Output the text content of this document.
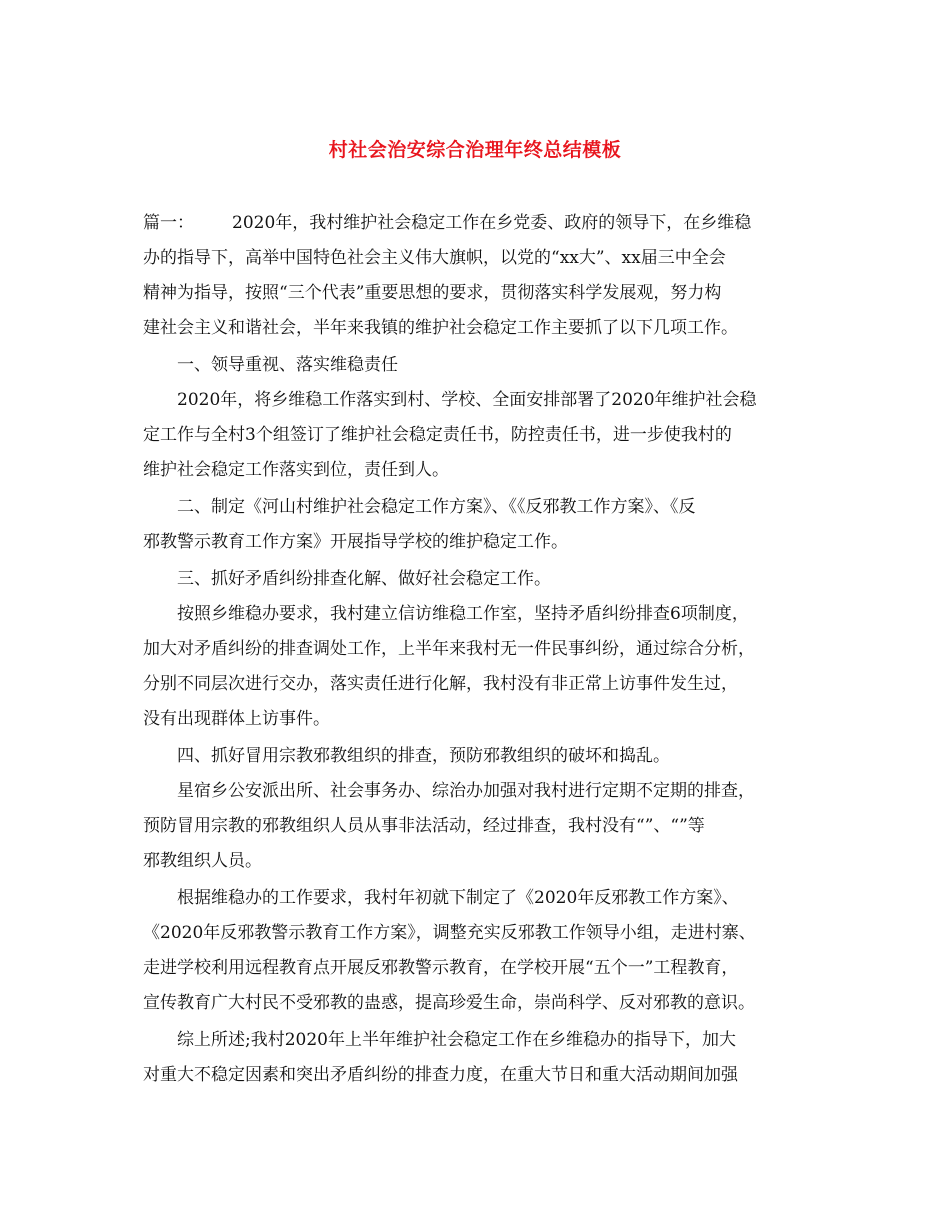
村社会治安综合治理年终总结模板
篇一： 2020年，我村维护社会稳定工作在乡党委、政府的领导下，在乡维稳
办的指导下，高举中国特色社会主义伟大旗帜，以党的“xx大”、xx届三中全会
精神为指导，按照“三个代表”重要思想的要求，贯彻落实科学发展观，努力构
建社会主义和谐社会，半年来我镇的维护社会稳定工作主要抓了以下几项工作。
一、领导重视、落实维稳责任
2020年，将乡维稳工作落实到村、学校、全面安排部署了2020年维护社会稳
定工作与全村3个组签订了维护社会稳定责任书，防控责任书，进一步使我村的
维护社会稳定工作落实到位，责任到人。
二、制定《河山村维护社会稳定工作方案》、《《反邪教工作方案》、《反
邪教警示教育工作方案》开展指导学校的维护稳定工作。
三、抓好矛盾纠纷排查化解、做好社会稳定工作。
按照乡维稳办要求，我村建立信访维稳工作室，坚持矛盾纠纷排查6项制度，
加大对矛盾纠纷的排查调处工作，上半年来我村无一件民事纠纷，通过综合分析，
分别不同层次进行交办，落实责任进行化解，我村没有非正常上访事件发生过，
没有出现群体上访事件。
四、抓好冒用宗教邪教组织的排查，预防邪教组织的破坏和捣乱。
星宿乡公安派出所、社会事务办、综治办加强对我村进行定期不定期的排查，
预防冒用宗教的邪教组织人员从事非法活动，经过排查，我村没有“”、“”等
邪教组织人员。
根据维稳办的工作要求，我村年初就下制定了《2020年反邪教工作方案》、
《2020年反邪教警示教育工作方案》，调整充实反邪教工作领导小组，走进村寨、
走进学校利用远程教育点开展反邪教警示教育，在学校开展“五个一”工程教育，
宣传教育广大村民不受邪教的蛊惑，提高珍爱生命，崇尚科学、反对邪教的意识。
综上所述;我村2020年上半年维护社会稳定工作在乡维稳办的指导下，加大
对重大不稳定因素和突出矛盾纠纷的排查力度，在重大节日和重大活动期间加强
